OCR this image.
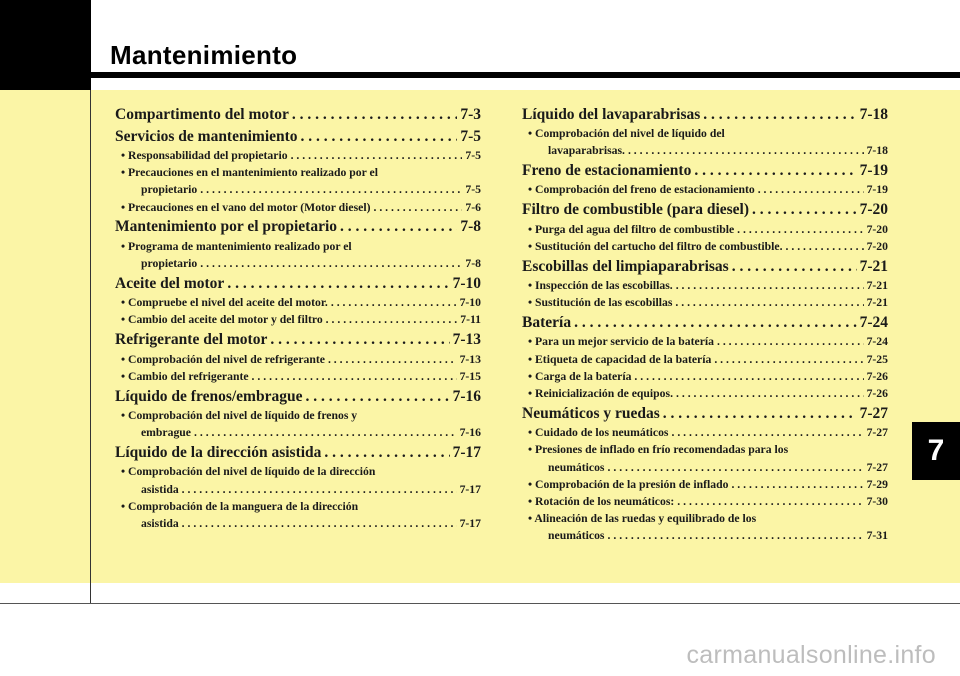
Mantenimiento
Compartimento del motor . . .	7-3
Servicios de mantenimiento . . .	7-5
• Responsabilidad del propietario . . .	7-5
• Precauciones en el mantenimiento realizado por el
propietario . . .	7-5
• Precauciones en el vano del motor (Motor diesel) . . .	7-6
Mantenimiento por el propietario . . .	7-8
• Programa de mantenimiento realizado por el
propietario . . .	7-8
Aceite del motor . . .	7-10
• Compruebe el nivel del aceite del motor. . . .	7-10
• Cambio del aceite del motor y del filtro . . .	7-11
Refrigerante del motor . . .	7-13
• Comprobación del nivel de refrigerante . . .	7-13
• Cambio del refrigerante . . .	7-15
Líquido de frenos/embrague . . .	7-16
• Comprobación del nivel de líquido de frenos y
embrague . . .	7-16
Líquido de la dirección asistida . . .	7-17
• Comprobación del nivel de líquido de la dirección
asistida . . .	7-17
• Comprobación de la manguera de la dirección
asistida . . .	7-17
Líquido del lavaparabrisas . . .	7-18
• Comprobación del nivel de líquido del
lavaparabrisas. . . .	7-18
Freno de estacionamiento . . .	7-19
• Comprobación del freno de estacionamiento . . .	7-19
Filtro de combustible (para diesel) . . .	7-20
• Purga del agua del filtro de combustible . . .	7-20
• Sustitución del cartucho del filtro de combustible. . . .	7-20
Escobillas del limpiaparabrisas . . .	7-21
• Inspección de las escobillas. . . .	7-21
• Sustitución de las escobillas . . .	7-21
Batería . . .	7-24
• Para un mejor servicio de la batería . . .	7-24
• Etiqueta de capacidad de la batería . . .	7-25
• Carga de la batería . . .	7-26
• Reinicialización de equipos. . . .	7-26
Neumáticos y ruedas . . .	7-27
• Cuidado de los neumáticos . . .	7-27
• Presiones de inflado en frío recomendadas para los
neumáticos . . .	7-27
• Comprobación de la presión de inflado . . .	7-29
• Rotación de los neumáticos: . . .	7-30
• Alineación de las ruedas y equilibrado de los
neumáticos . . .	7-31
7
carmanualsonline.info
